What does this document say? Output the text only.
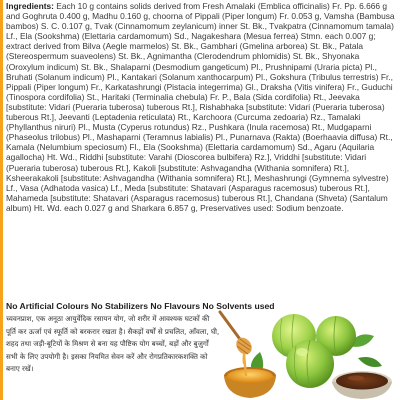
Ingredients: Each 10 g contains solids derived from Fresh Amalaki (Emblica officinalis) Fr. Pp. 6.666 g and Goghruta 0.400 g, Madhu 0.160 g, choorna of Pippali (Piper longum) Fr. 0.053 g, Vamsha (Bambusa bambos) S. C. 0.107 g, Tvak (Cinnamomum zeylanicum) inner St. Bk., Tvakpatra (Cinnamomum tamala) Lf., Ela (Sookshma) (Elettaria cardamomum) Sd., Nagakeshara (Mesua ferrea) Stmn. each 0.007 g; extract derived from Bilva (Aegle marmelos) St. Bk., Gambhari (Gmelina arborea) St. Bk., Patala (Stereospermum suaveolens) St. Bk., Agnimantha (Clerodendrum phlomidis) St. Bk., Shyonaka (Oroxylum indicum) St. Bk., Shalaparni (Desmodium gangeticum) Pl., Prushnipami (Uraria picta) Pl., Bruhati (Solanum indicum) Pl., Kantakari (Solanum xanthocarpum) Pl., Gokshura (Tribulus terrestris) Fr., Pippali (Piper longum) Fr., Karkatashrungi (Pistacia integerrima) Gl., Draksha (Vitis vinifera) Fr., Guduchi (Tinospora cordifolia) St., Haritaki (Terminalia chebula) Fr. P., Bala (Sida cordifolia) Rt., Jeevaka [substitute: Vidari (Pueraria tuberosa) tuberous Rt.], Rishabhaka [substitute: Vidari (Pueraria tuberosa) tuberous Rt.], Jeevanti (Leptadenia reticulata) Rt., Karchoora (Curcuma zedoaria) Rz., Tamalaki (Phyllanthus niruri) Pl., Musta (Cyperus rotundus) Rz., Pushkara (Inula racemosa) Rt., Mudgaparni (Phaseolus trilobus) Pl., Mashaparni (Teramnus labialis) Pl., Punarnava (Rakta) (Boerhaavia diffusa) Rt., Kamala (Nelumbium speciosum) Fl., Ela (Sookshma) (Elettaria cardamomum) Sd., Agaru (Aquilaria agallocha) Ht. Wd., Riddhi [substitute: Varahi (Dioscorea bulbifera) Rz.], Vriddhi [substitute: Vidari (Pueraria tuberosa) tuberous Rt.], Kakoli [substitute: Ashvagandha (Withania somnifera) Rt.], Ksheerakakoli [substitute: Ashvagandha (Withania somnifera) Rt.], Meshashrungi (Gymnema sylvestre) Lf., Vasa (Adhatoda vasica) Lf., Meda [substitute: Shatavari (Asparagus racemosus) tuberous Rt.], Mahameda [substitute: Shatavari (Asparagus racemosus) tuberous Rt.], Chandana (Shveta) (Santalum album) Ht. Wd. each 0.027 g and Sharkara 6.857 g, Preservatives used: Sodium benzoate.

No Artificial Colours No Stabilizers No Flavours No Solvents used

च्यवनप्राश, एक अनूठा आयुर्वेदिक रसायन योग, जो शरीर में आवश्यक घटकों की पूर्ति कर ऊर्जा एवं स्फूर्ति को बरकरार रखता है। सैकड़ों वर्षों से प्रचलित, आँवला, घी, शहद तथा जड़ी-बूटियों के मिश्रण से बना यह पौष्टिक योग बच्चों, बड़ों और बुज़ुर्गों सभी के लिए उपयोगी है। इसका नियमित सेवन करें और रोगप्रतिकारकशक्ति को बनाए रखें।
